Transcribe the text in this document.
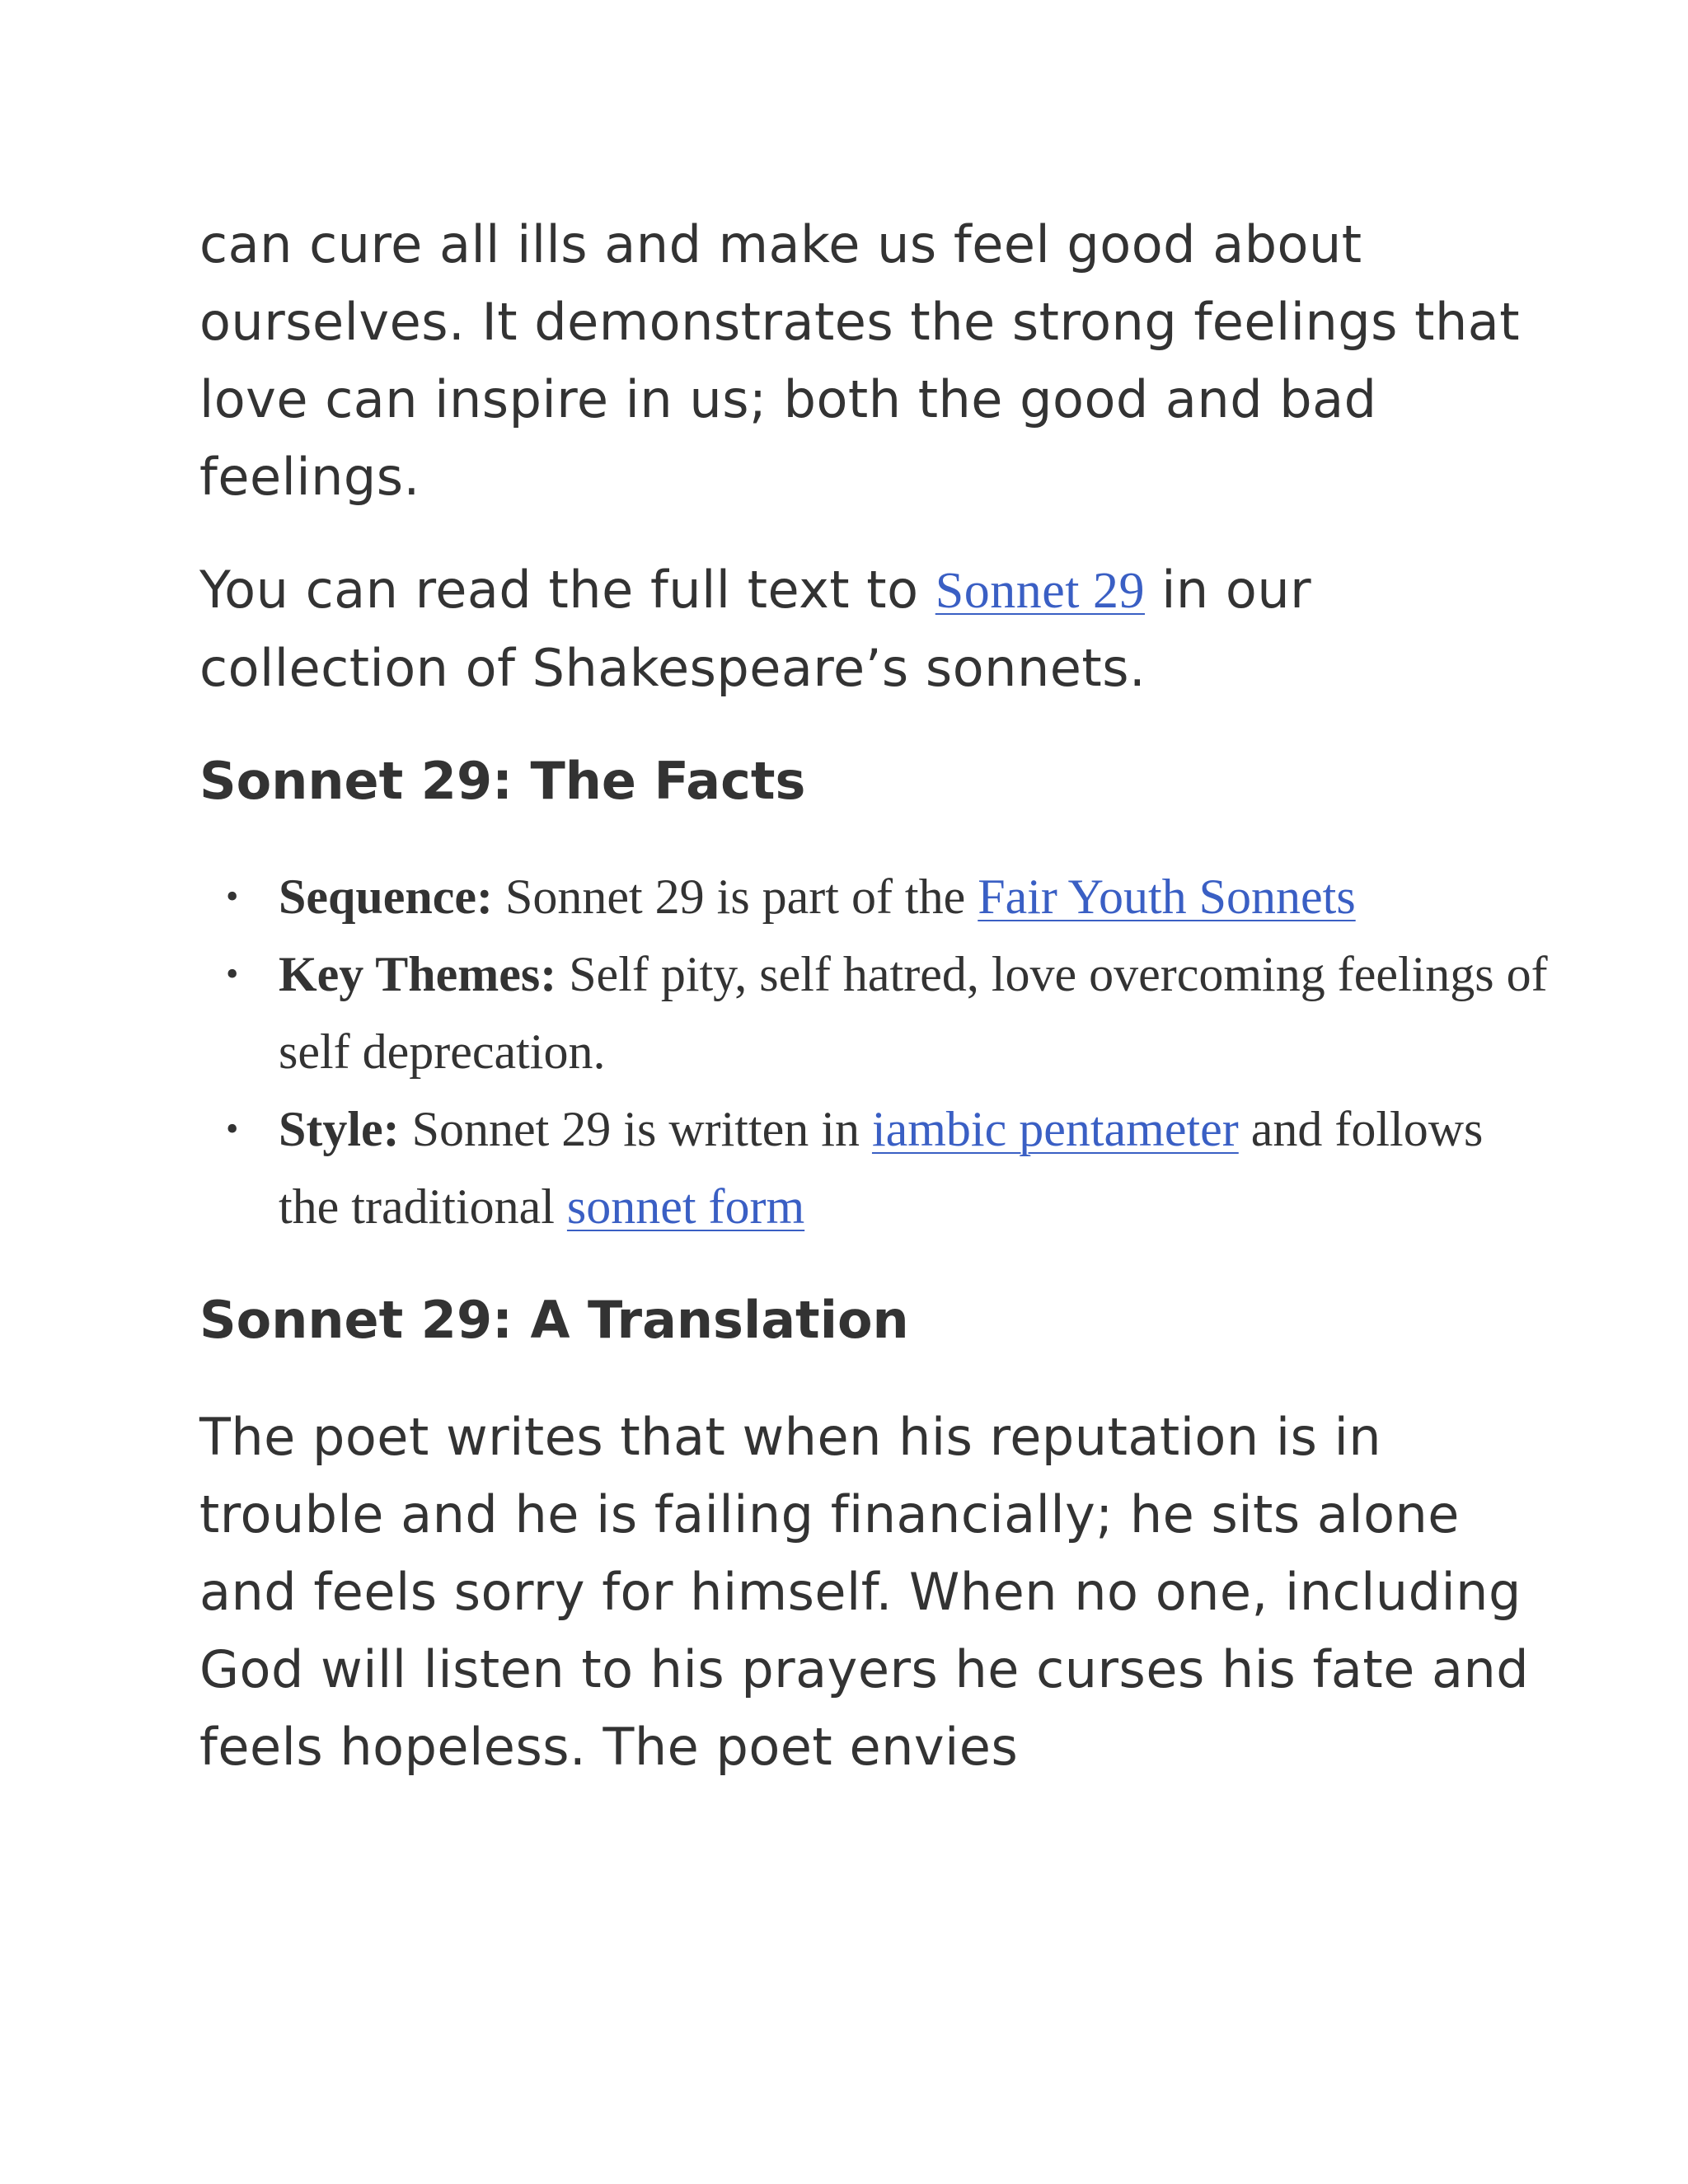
can cure all ills and make us feel good about ourselves. It demonstrates the strong feelings that love can inspire in us; both the good and bad feelings.

You can read the full text to Sonnet 29 in our collection of Shakespeare’s sonnets.

Sonnet 29: The Facts
• Sequence: Sonnet 29 is part of the Fair Youth Sonnets
• Key Themes: Self pity, self hatred, love overcoming feelings of self deprecation.
• Style: Sonnet 29 is written in iambic pentameter and follows the traditional sonnet form
Sonnet 29: A Translation

The poet writes that when his reputation is in trouble and he is failing financially; he sits alone and feels sorry for himself. When no one, including God will listen to his prayers he curses his fate and feels hopeless. The poet envies
